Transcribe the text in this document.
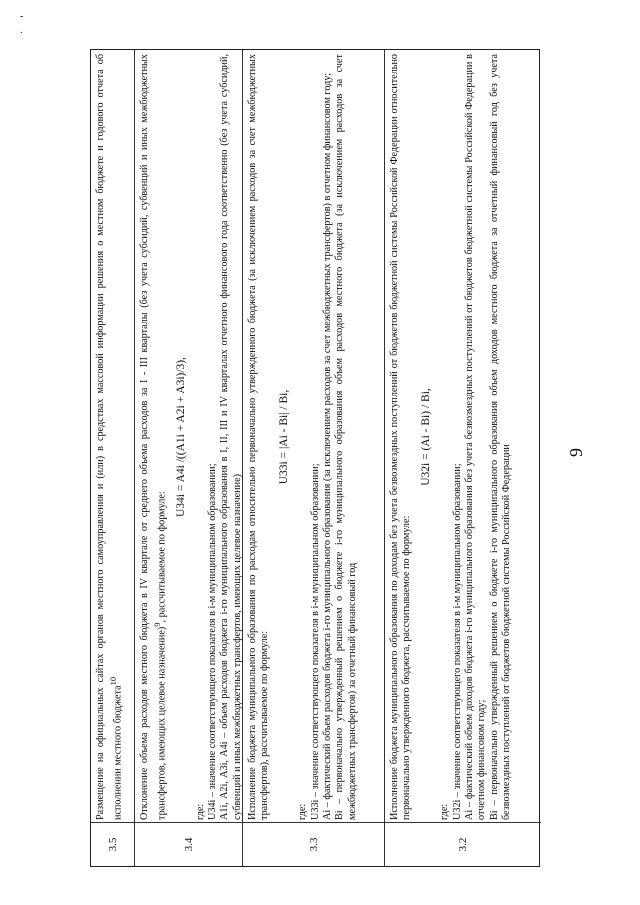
-
.
9
3.5

Размещение на официальных сайтах органов местного самоуправления и (или) в средствах массовой информации решения о местном бюджете и годового отчета об исполнении местного бюджета$^{10}$

3.4

Отклонение объема расходов местного бюджета в IV квартале от среднего объема расходов за I - III кварталы (без учета субсидий, субвенций и иных межбюджетных трансфертов, имеющих целевое назначение)$^9$, рассчитываемое по формуле:

U34i = A4i /((A1i + A2i + A3i)/3),

где: U34i – значение соответствующего показателя в i-м муниципальном образовании; A1i, A2i, A3i, A4i – объем расходов бюджета i-го муниципального образования в I, II, III и IV кварталах отчетного финансового года соответственно (без учета субсидий, субвенций и иных межбюджетных трансфертов, имеющих целевое назначение)

3.3

Исполнение бюджета муниципального образования по расходам относительно первоначально утвержденного бюджета (за исключением расходов за счет межбюджетных трансфертов), рассчитываемое по формуле:

U33i = |Ai - Bi| / Bi,

где: U33i – значение соответствующего показателя в i-м муниципальном образовании; Ai – фактический объем расходов бюджета i-го муниципального образования (за исключением расходов за счет межбюджетных трансфертов) в отчетном финансовом году; Bi – первоначально утвержденный решением о бюджете i-го муниципального образования объем расходов местного бюджета (за исключением расходов за счет межбюджетных трансфертов) за отчетный финансовый год

3.2

Исполнение бюджета муниципального образования по доходам без учета безвозмездных поступлений от бюджетов бюджетной системы Российской Федерации относительно первоначально утвержденного бюджета, рассчитываемое по формуле:

U32i = (Ai - Bi) / Bi,

где: U32i – значение соответствующего показателя в i-м муниципальном образовании; Ai – фактический объем доходов бюджета i-го муниципального образования без учета безвозмездных поступлений от бюджетов бюджетной системы Российской Федерации в отчетном финансовом году; Bi – первоначально утвержденный решением о бюджете i-го муниципального образования объем доходов местного бюджета за отчетный финансовый год без учета безвозмездных поступлений от бюджетов бюджетной системы Российской Федерации
